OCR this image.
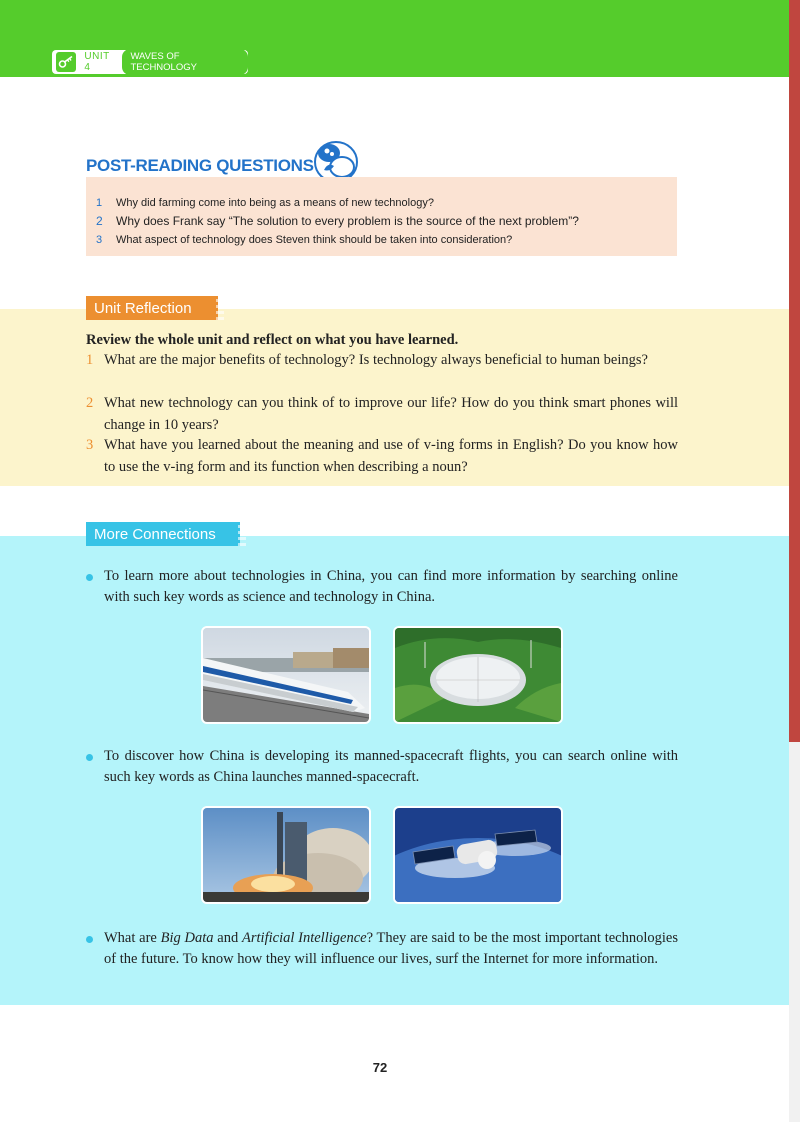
UNIT 4
WAVES OF TECHNOLOGY
POST-READING QUESTIONS
1 Why did farming come into being as a means of new technology?
2 Why does Frank say “The solution to every problem is the source of the next problem”?
3 What aspect of technology does Steven think should be taken into consideration?
Unit Reflection
Review the whole unit and reflect on what you have learned.
1 What are the major benefits of technology? Is technology always beneficial to human beings?
2 What new technology can you think of to improve our life? How do you think smart phones will change in 10 years?
3 What have you learned about the meaning and use of v-ing forms in English? Do you know how to use the v-ing form and its function when describing a noun?
More Connections
To learn more about technologies in China, you can find more information by searching online with such key words as science and technology in China.
To discover how China is developing its manned-spacecraft flights, you can search online with such key words as China launches manned-spacecraft.
What are Big Data and Artificial Intelligence? They are said to be the most important technologies of the future. To know how they will influence our lives, surf the Internet for more information.
72
